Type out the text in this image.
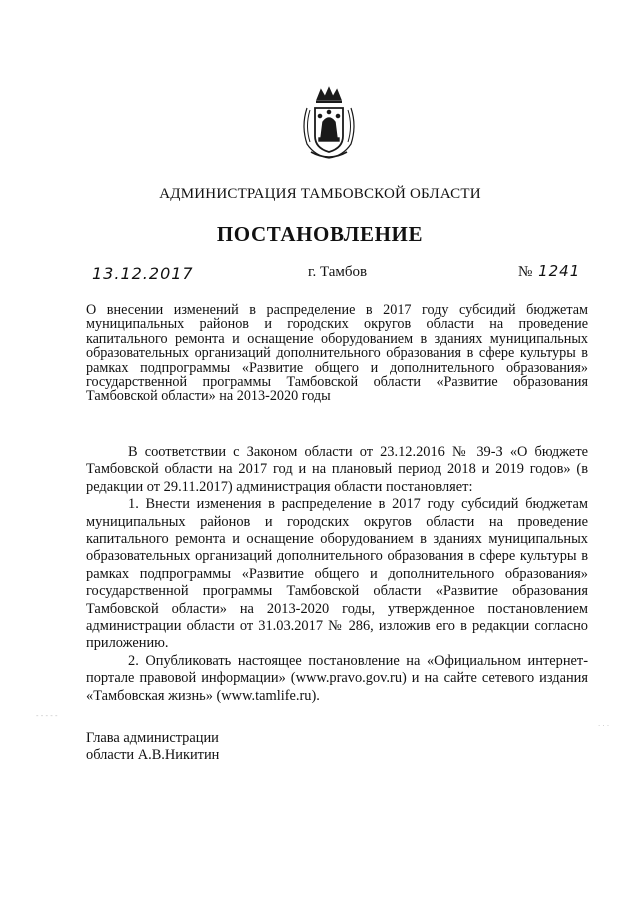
АДМИНИСТРАЦИЯ ТАМБОВСКОЙ ОБЛАСТИ
ПОСТАНОВЛЕНИЕ
13.12.2017	г. Тамбов	№ 1241
О внесении изменений в распределение в 2017 году субсидий бюджетам муниципальных районов и городских округов области на проведение капитального ремонта и оснащение оборудованием в зданиях муниципальных образовательных организаций дополнительного образования в сфере культуры в рамках подпрограммы «Развитие общего и дополнительного образования» государственной программы Тамбовской области «Развитие образования Тамбовской области» на 2013-2020 годы

В соответствии с Законом области от 23.12.2016 № 39-З «О бюджете Тамбовской области на 2017 год и на плановый период 2018 и 2019 годов» (в редакции от 29.11.2017) администрация области постановляет:

1. Внести изменения в распределение в 2017 году субсидий бюджетам муниципальных районов и городских округов области на проведение капитального ремонта и оснащение оборудованием в зданиях муниципальных образовательных организаций дополнительного образования в сфере культуры в рамках подпрограммы «Развитие общего и дополнительного образования» государственной программы Тамбовской области «Развитие образования Тамбовской области» на 2013-2020 годы, утвержденное постановлением администрации области от 31.03.2017 № 286, изложив его в редакции согласно приложению.

2. Опубликовать настоящее постановление на «Официальном интернет-портале правовой информации» (www.pravo.gov.ru) и на сайте сетевого издания «Тамбовская жизнь» (www.tamlife.ru).

Глава администрации
области А.В.Никитин
- - - - -
· · ·
